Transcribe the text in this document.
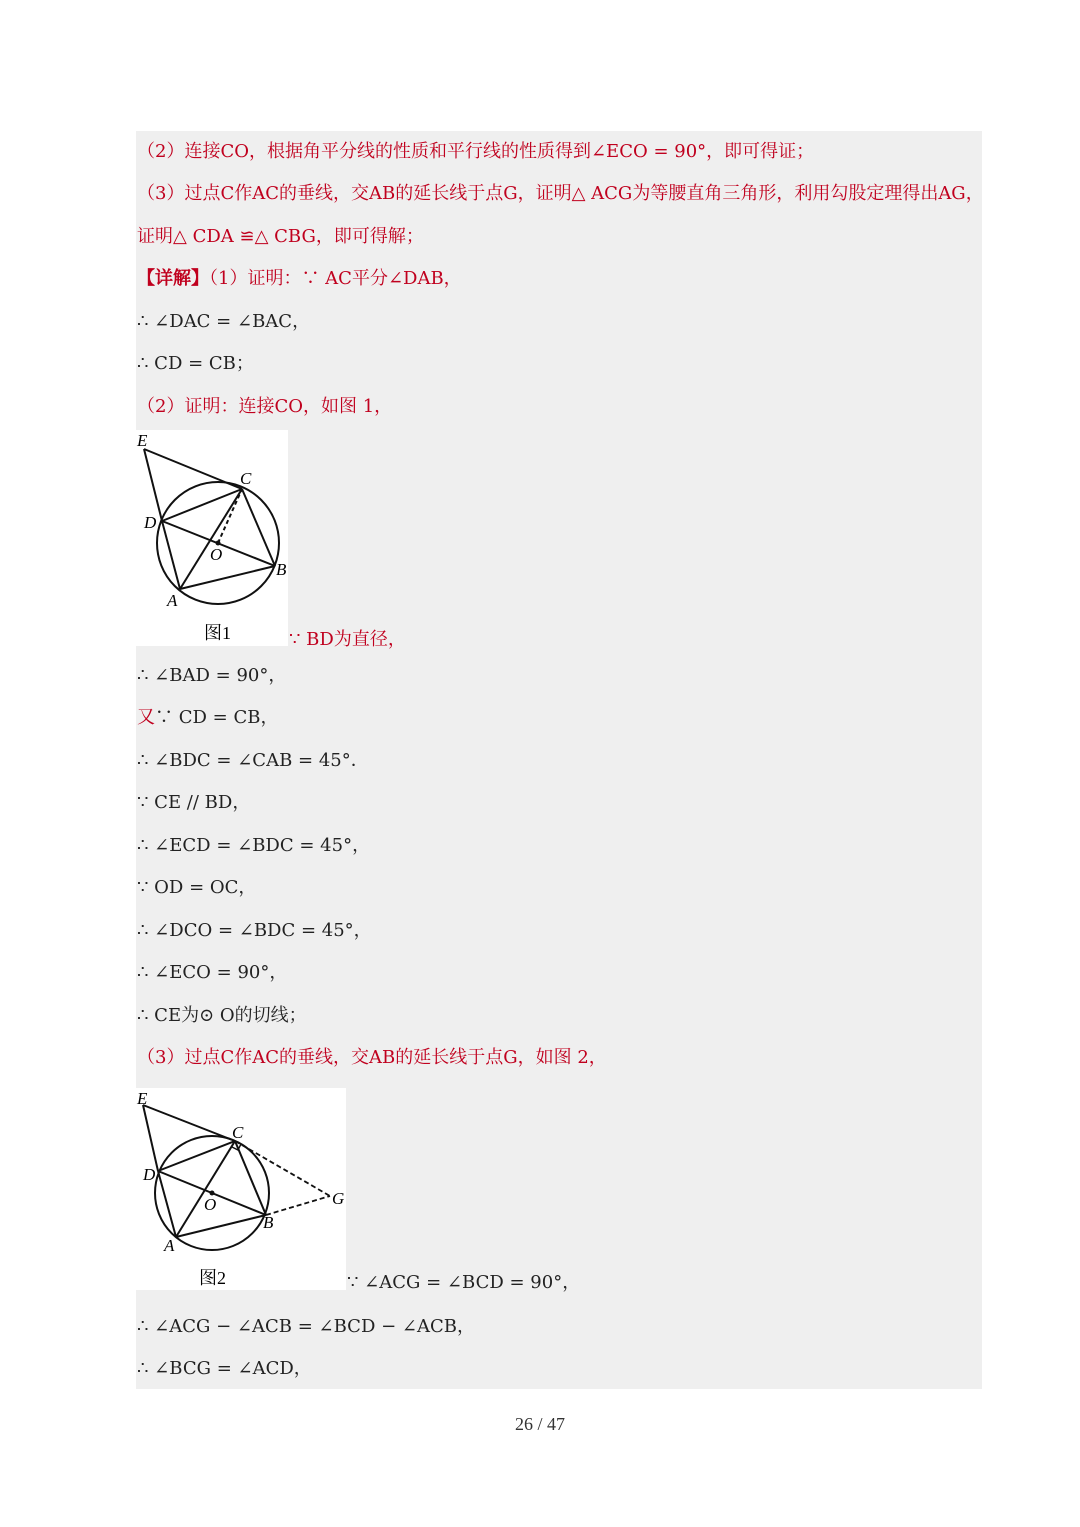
（2）连接CO，根据角平分线的性质和平行线的性质得到∠ECO = 90°，即可得证；
（3）过点C作AC的垂线，交AB的延长线于点G，证明△ ACG为等腰直角三角形，利用勾股定理得出AG，
证明△ CDA ≌△ CBG，即可得解；
【详解】（1）证明：∵ AC平分∠DAB，
∴ ∠DAC = ∠BAC，
∴ CD = CB；
（2）证明：连接CO，如图 1，
E
C
D
O
B
A
图1	∵ BD为直径，
∴ ∠BAD = 90°，
又∵ CD = CB，
∴ ∠BDC = ∠CAB = 45°．
∵ CE // BD，
∴ ∠ECD = ∠BDC = 45°，
∵ OD = OC，
∴ ∠DCO = ∠BDC = 45°，
∴ ∠ECO = 90°，
∴ CE为⊙ O的切线；
（3）过点C作AC的垂线，交AB的延长线于点G，如图 2，
E
C
D
O
B
A
G
图2	∵ ∠ACG = ∠BCD = 90°，
∴ ∠ACG − ∠ACB = ∠BCD − ∠ACB，
∴ ∠BCG = ∠ACD，
26 / 47
